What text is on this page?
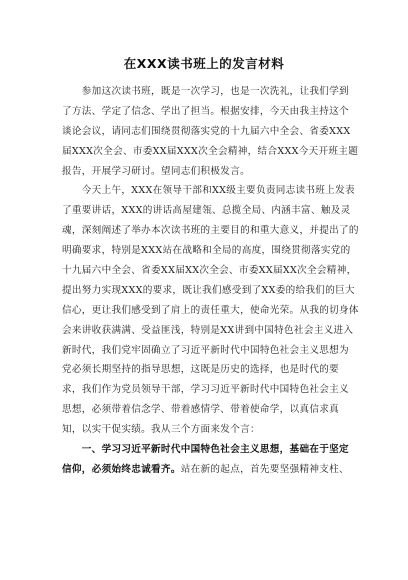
在XXX读书班上的发言材料
　　参加这次读书班，既是一次学习，也是一次洗礼，让我们学到
了方法、学定了信念、学出了担当。根据安排，今天由我主持这个
谈论会议，请同志们围绕贯彻落实党的十九届六中全会、省委XXX
届XXX次全会、市委XX届XXX次全会精神，结合XXX今天开班主题
报告，开展学习研讨。望同志们积极发言。
　　今天上午，XXX在领导干部和XX级主要负责同志读书班上发表
了重要讲话，XXX的讲话高屋建瓴、总揽全局、内涵丰富、触及灵
魂，深刻阐述了举办本次读书班的主要目的和重大意义，并提出了的
明确要求，特别是XXX站在战略和全局的高度，围绕贯彻落实党的
十九届六中全会、省委XX届XX次全会、市委XX届XX次全会精神，
提出努力实现XXX的要求，既让我们感受到了XX委的给我们的巨大
信心，更让我们感受到了肩上的责任重大，使命光荣。从我的切身体
会来讲收获满满、受益匪浅，特别是XX讲到中国特色社会主义进入
新时代，我们党牢固确立了习近平新时代中国特色社会主义思想为
党必须长期坚持的指导思想，这既是历史的选择，也是时代的要
求，我们作为党员领导干部，学习习近平新时代中国特色社会主义
思想，必须带着信念学、带着感情学、带着使命学，以真信求真
知，以实干促实绩。我从三个方面来发个言：
　　一、学习习近平新时代中国特色社会主义思想，基础在于坚定
信仰，必须始终忠诚看齐。站在新的起点，首先要坚强精神支柱、
